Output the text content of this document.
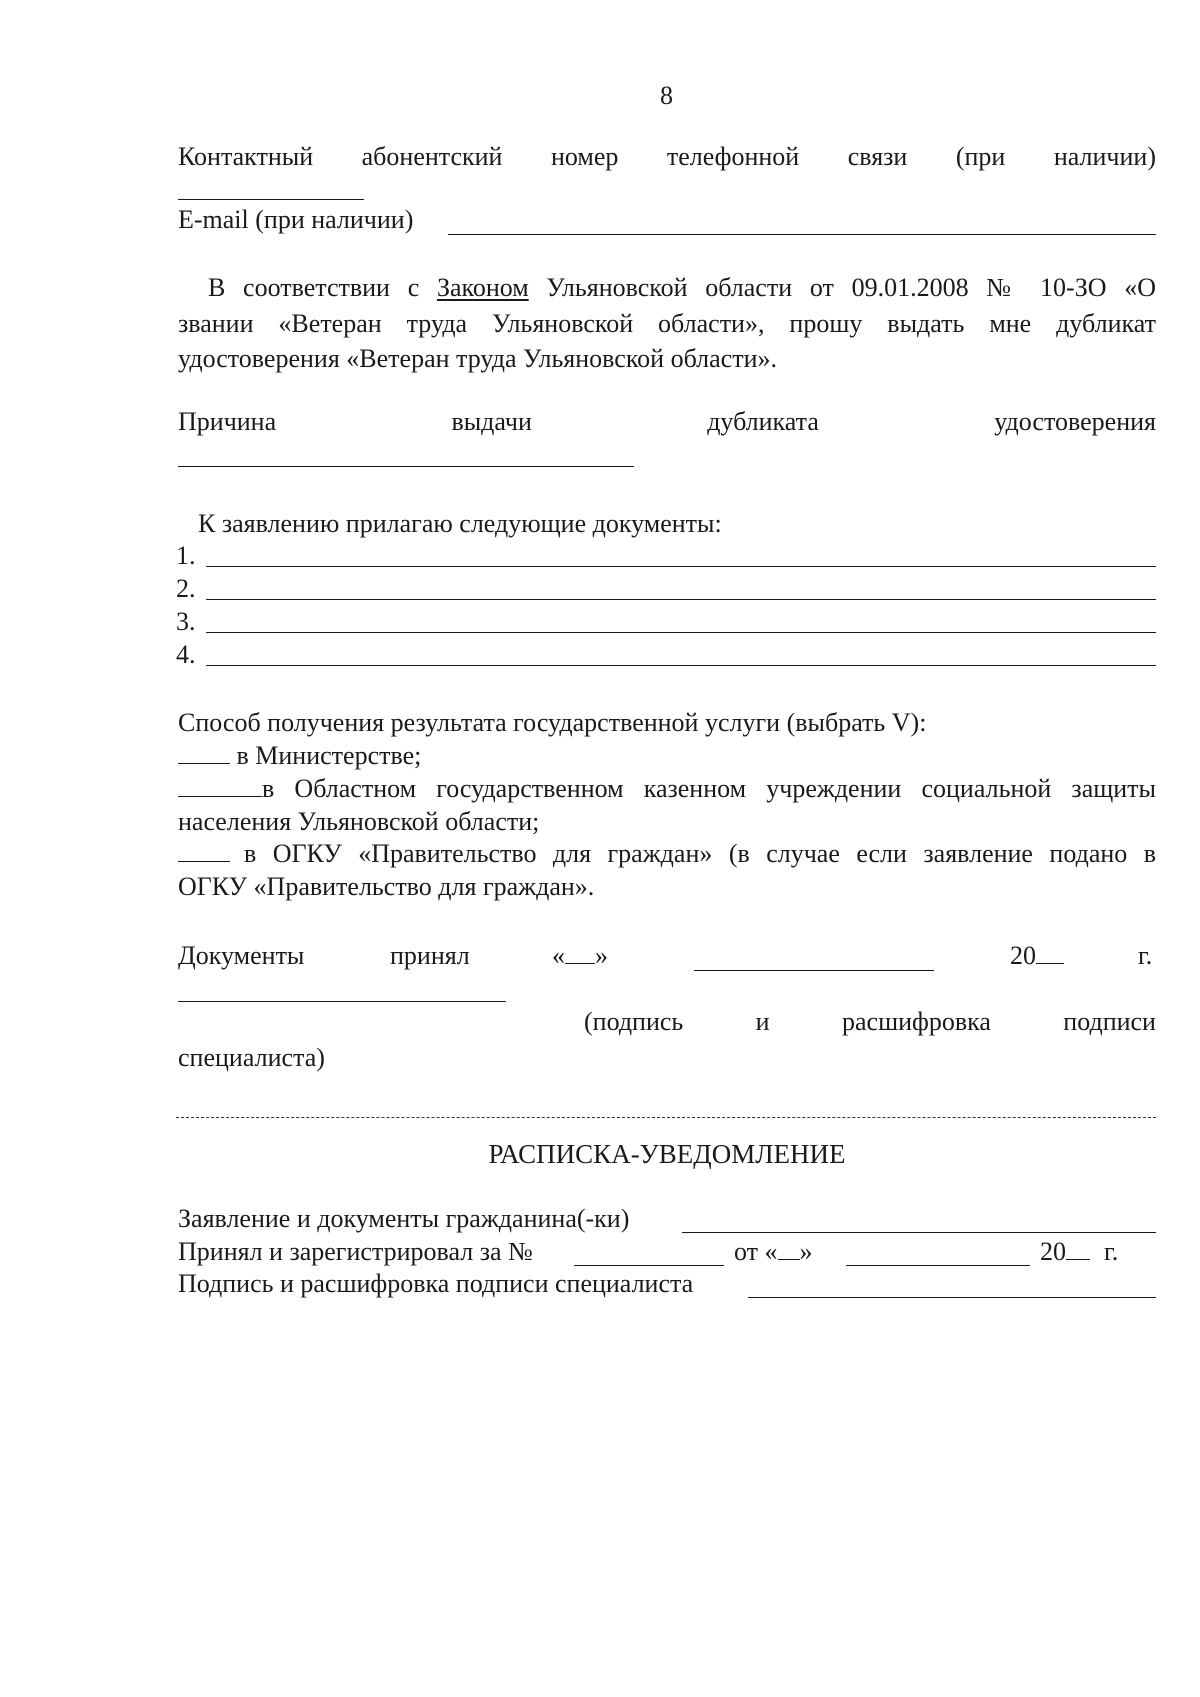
8
Контактный абонентский номер телефонной связи (при наличии)
E-mail (при наличии)
В соответствии с Законом Ульяновской области от 09.01.2008 № 10-ЗО «О
звании «Ветеран труда Ульяновской области», прошу выдать мне дубликат
удостоверения «Ветеран труда Ульяновской области».
Причина	выдачи	дубликата	удостоверения
К заявлению прилагаю следующие документы:
1.
2.
3.
4.
Способ получения результата государственной услуги (выбрать V):
в Министерстве;
в Областном государственном казенном учреждении социальной защиты
населения Ульяновской области;
в ОГКУ «Правительство для граждан» (в случае если заявление подано в
ОГКУ «Правительство для граждан».
Документы	принял	« »	20	г.
(подпись	и	расшифровка	подписи
специалиста)
РАСПИСКА-УВЕДОМЛЕНИЕ
Заявление и документы гражданина(-ки)
Принял и зарегистрировал за №	от « »	20	г.
Подпись и расшифровка подписи специалиста
